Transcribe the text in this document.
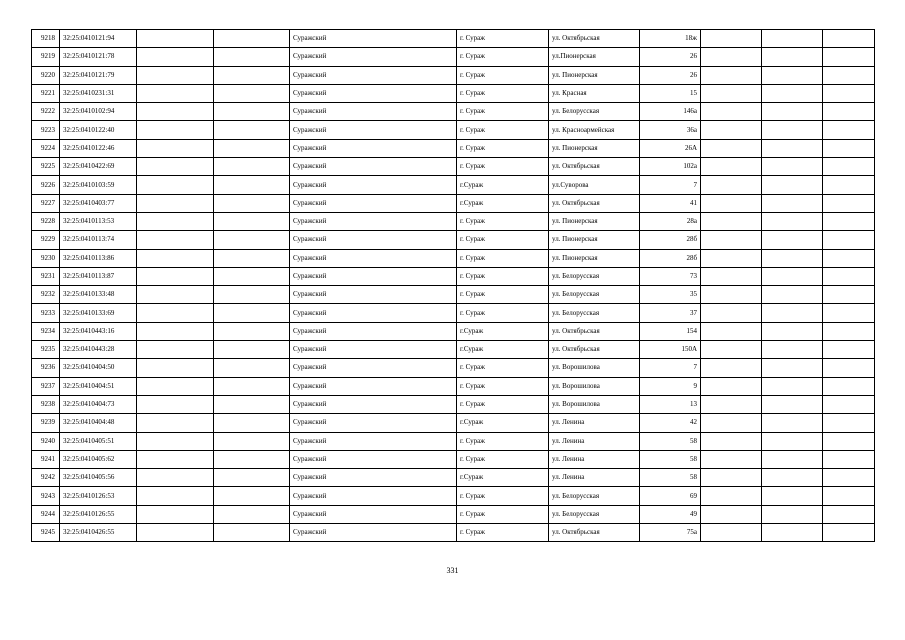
9218	32:25:0410121:94			Суражский	г. Сураж	ул. Октябрьская	18ж			
9219	32:25:0410121:78			Суражский	г. Сураж	ул.Пионерская	26			
9220	32:25:0410121:79			Суражский	г. Сураж	ул. Пионерская	26			
9221	32:25:0410231:31			Суражский	г. Сураж	ул. Красная	15			
9222	32:25:0410102:94			Суражский	г. Сураж	ул. Белорусская	146а			
9223	32:25:0410122:40			Суражский	г. Сураж	ул. Красноармейская	36а			
9224	32:25:0410122:46			Суражский	г. Сураж	ул. Пионерская	26А			
9225	32:25:0410422:69			Суражский	г. Сураж	ул. Октябрьская	102а			
9226	32:25:0410103:59			Суражский	г.Сураж	ул.Суворова	7			
9227	32:25:0410403:77			Суражский	г.Сураж	ул. Октябрьская	41			
9228	32:25:0410113:53			Суражский	г. Сураж	ул. Пионерская	28а			
9229	32:25:0410113:74			Суражский	г. Сураж	ул. Пионерская	28б			
9230	32:25:0410113:86			Суражский	г. Сураж	ул. Пионерская	28б			
9231	32:25:0410113:87			Суражский	г. Сураж	ул. Белорусская	73			
9232	32:25:0410133:48			Суражский	г. Сураж	ул. Белорусская	35			
9233	32:25:0410133:69			Суражский	г. Сураж	ул. Белорусская	37			
9234	32:25:0410443:16			Суражский	г.Сураж	ул. Октябрьская	154			
9235	32:25:0410443:28			Суражский	г.Сураж	ул. Октябрьская	150А			
9236	32:25:0410404:50			Суражский	г. Сураж	ул. Ворошилова	7			
9237	32:25:0410404:51			Суражский	г. Сураж	ул. Ворошилова	9			
9238	32:25:0410404:73			Суражский	г. Сураж	ул. Ворошилова	13			
9239	32:25:0410404:48			Суражский	г.Сураж	ул. Ленина	42			
9240	32:25:0410405:51			Суражский	г. Сураж	ул. Ленина	58			
9241	32:25:0410405:62			Суражский	г. Сураж	ул. Ленина	58			
9242	32:25:0410405:56			Суражский	г.Сураж	ул. Ленина	58			
9243	32:25:0410126:53			Суражский	г. Сураж	ул. Белорусская	69			
9244	32:25:0410126:55			Суражский	г. Сураж	ул. Белорусская	49			
9245	32:25:0410426:55			Суражский	г. Сураж	ул. Октябрьская	75а			
331
